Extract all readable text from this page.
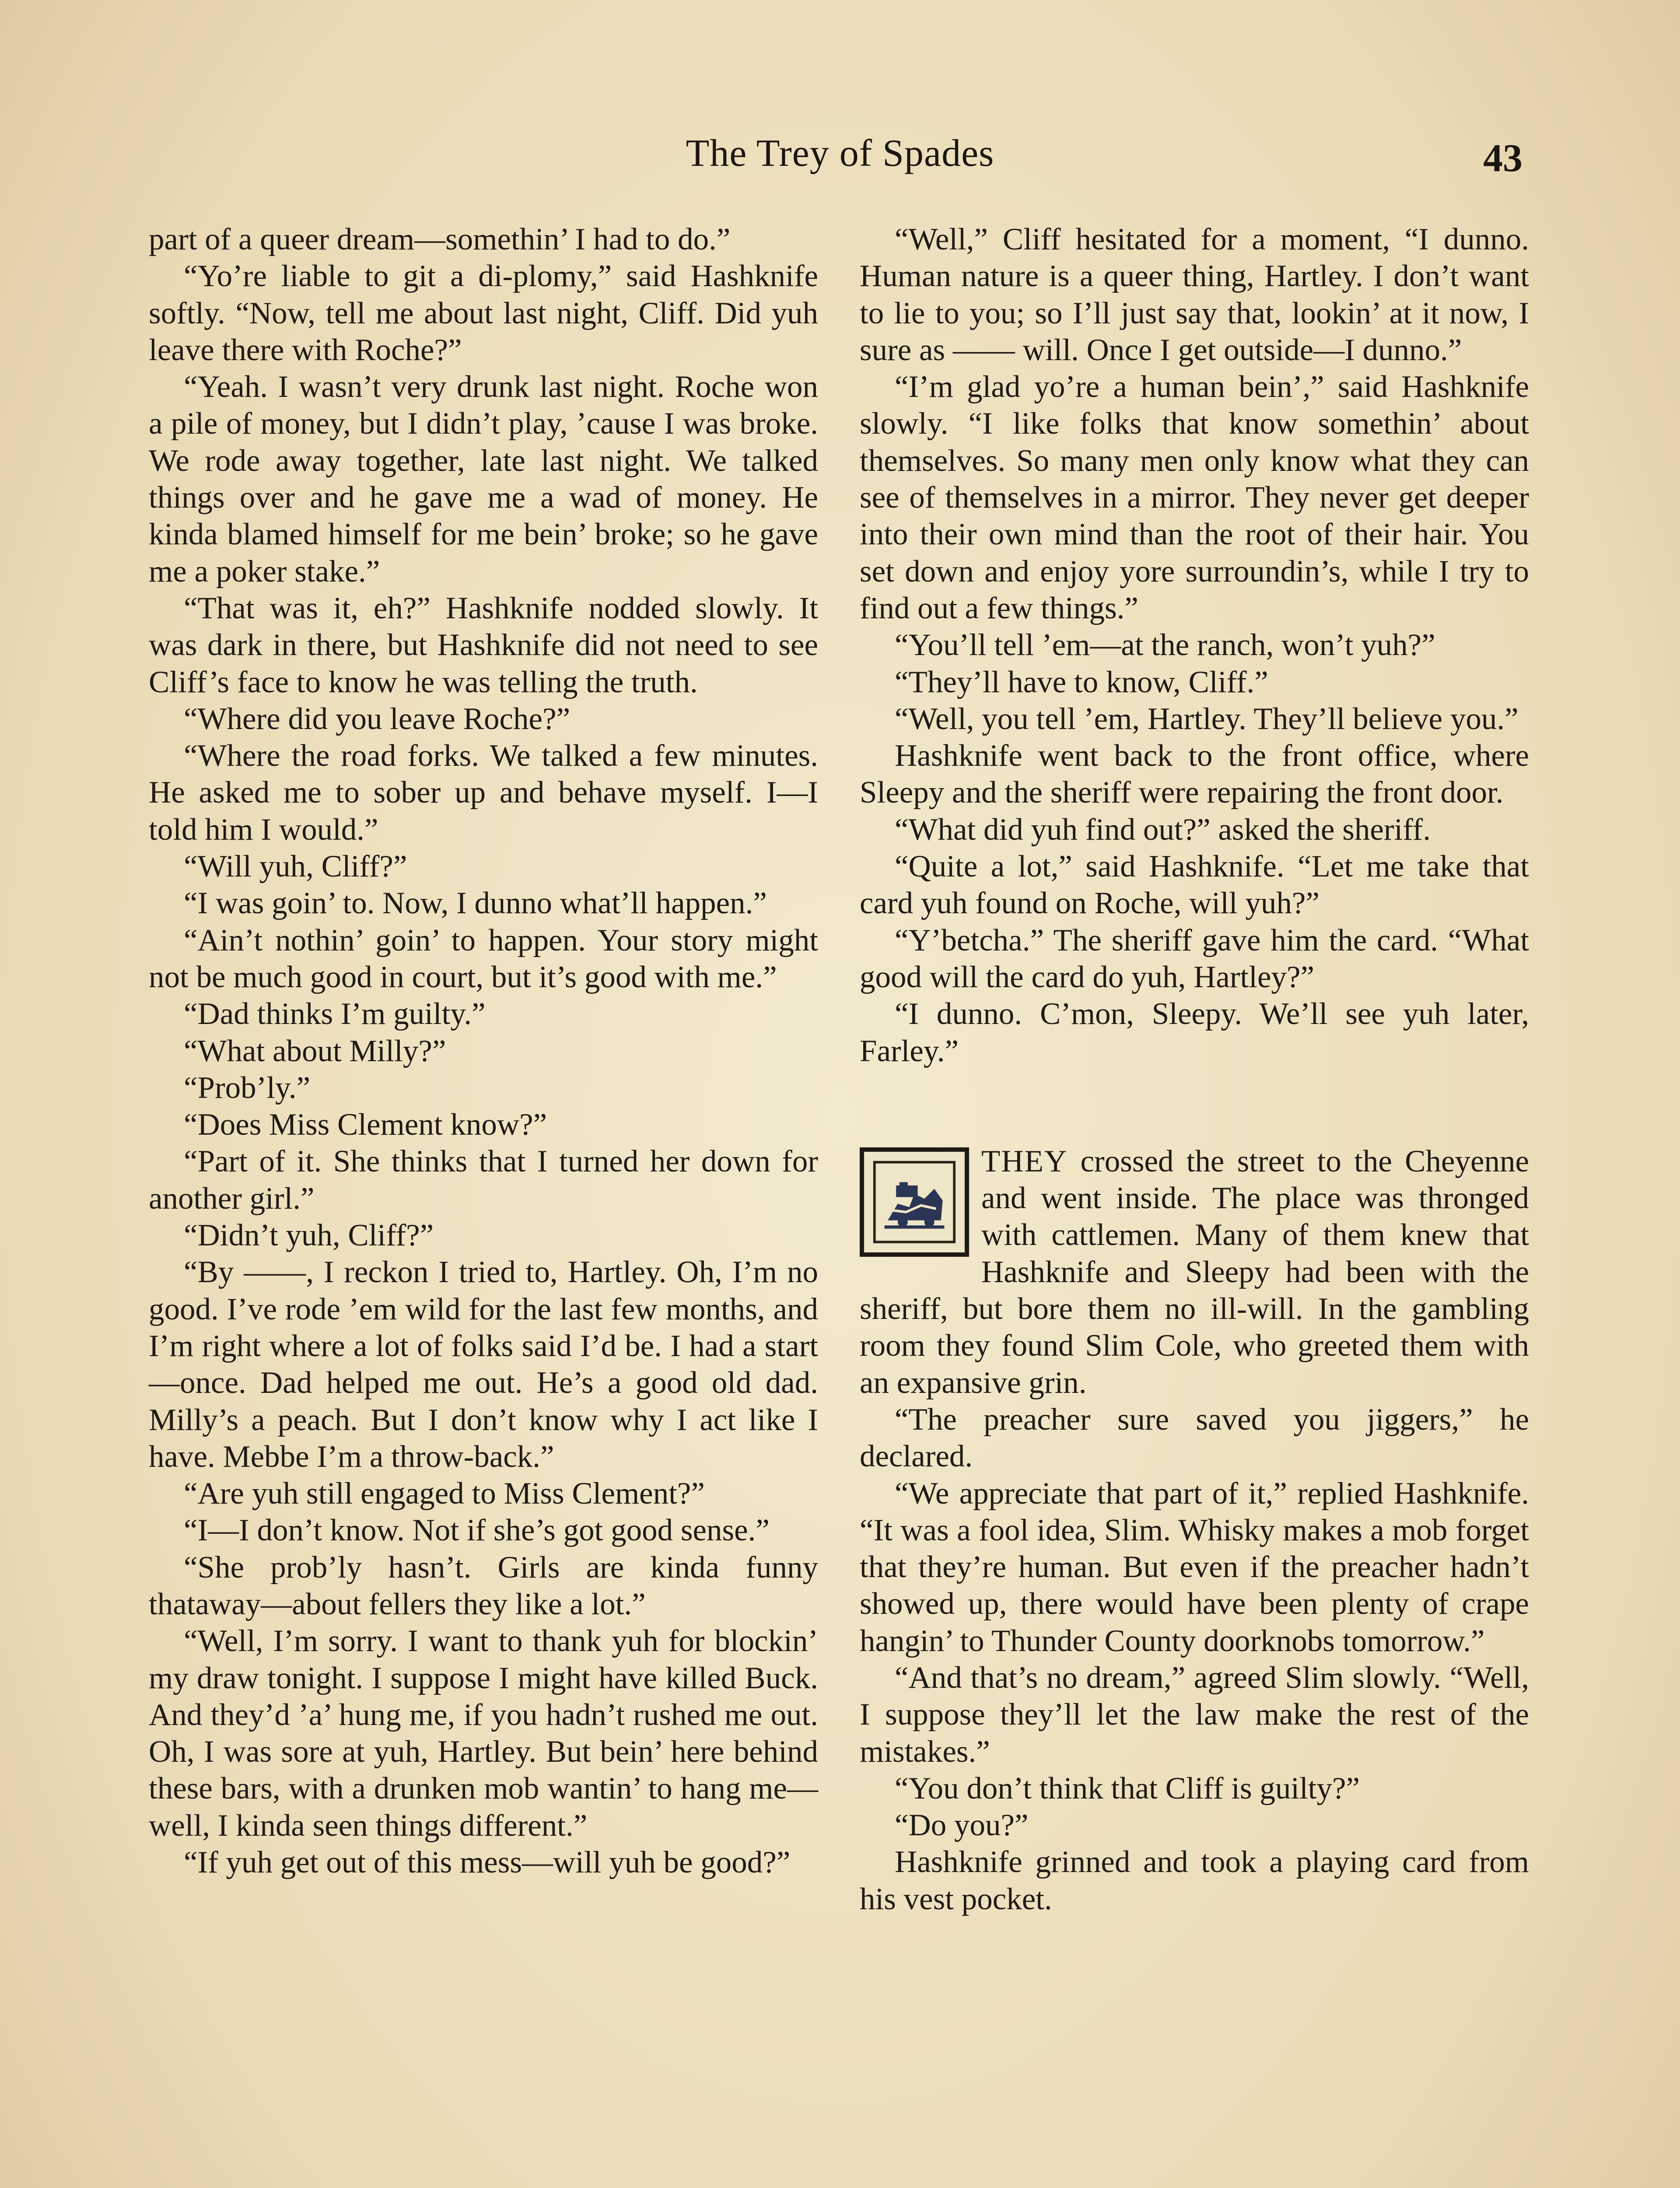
The Trey of Spades	43

part of a queer dream—somethin’ I had to do.”

“Yo’re liable to git a di-plomy,” said Hashknife softly. “Now, tell me about last night, Cliff. Did yuh leave there with Roche?”

“Yeah. I wasn’t very drunk last night. Roche won a pile of money, but I didn’t play, ’cause I was broke. We rode away together, late last night. We talked things over and he gave me a wad of money. He kinda blamed himself for me bein’ broke; so he gave me a poker stake.”

“That was it, eh?” Hashknife nodded slowly. It was dark in there, but Hashknife did not need to see Cliff’s face to know he was telling the truth.

“Where did you leave Roche?”

“Where the road forks. We talked a few minutes. He asked me to sober up and behave myself. I—I told him I would.”

“Will yuh, Cliff?”

“I was goin’ to. Now, I dunno what’ll happen.”

“Ain’t nothin’ goin’ to happen. Your story might not be much good in court, but it’s good with me.”

“Dad thinks I’m guilty.”

“What about Milly?”

“Prob’ly.”

“Does Miss Clement know?”

“Part of it. She thinks that I turned her down for another girl.”

“Didn’t yuh, Cliff?”

“By ——, I reckon I tried to, Hartley. Oh, I’m no good. I’ve rode ’em wild for the last few months, and I’m right where a lot of folks said I’d be. I had a start—once. Dad helped me out. He’s a good old dad. Milly’s a peach. But I don’t know why I act like I have. Mebbe I’m a throw-back.”

“Are yuh still engaged to Miss Clement?”

“I—I don’t know. Not if she’s got good sense.”

“She prob’ly hasn’t. Girls are kinda funny thataway—about fellers they like a lot.”

“Well, I’m sorry. I want to thank yuh for blockin’ my draw tonight. I suppose I might have killed Buck. And they’d ’a’ hung me, if you hadn’t rushed me out. Oh, I was sore at yuh, Hartley. But bein’ here behind these bars, with a drunken mob wantin’ to hang me—well, I kinda seen things different.”

“If yuh get out of this mess—will yuh be good?”

“Well,” Cliff hesitated for a moment, “I dunno. Human nature is a queer thing, Hartley. I don’t want to lie to you; so I’ll just say that, lookin’ at it now, I sure as —— will. Once I get outside—I dunno.”

“I’m glad yo’re a human bein’,” said Hashknife slowly. “I like folks that know somethin’ about themselves. So many men only know what they can see of themselves in a mirror. They never get deeper into their own mind than the root of their hair. You set down and enjoy yore surroundin’s, while I try to find out a few things.”

“You’ll tell ’em—at the ranch, won’t yuh?”

“They’ll have to know, Cliff.”

“Well, you tell ’em, Hartley. They’ll believe you.”

Hashknife went back to the front office, where Sleepy and the sheriff were repairing the front door.

“What did yuh find out?” asked the sheriff.

“Quite a lot,” said Hashknife. “Let me take that card yuh found on Roche, will yuh?”

“Y’betcha.” The sheriff gave him the card. “What good will the card do yuh, Hartley?”

“I dunno. C’mon, Sleepy. We’ll see yuh later, Farley.”

THEY crossed the street to the Cheyenne and went inside. The place was thronged with cattlemen. Many of them knew that Hashknife and Sleepy had been with the sheriff, but bore them no ill-will. In the gambling room they found Slim Cole, who greeted them with an expansive grin.

“The preacher sure saved you jiggers,” he declared.

“We appreciate that part of it,” replied Hashknife. “It was a fool idea, Slim. Whisky makes a mob forget that they’re human. But even if the preacher hadn’t showed up, there would have been plenty of crape hangin’ to Thunder County doorknobs tomorrow.”

“And that’s no dream,” agreed Slim slowly. “Well, I suppose they’ll let the law make the rest of the mistakes.”

“You don’t think that Cliff is guilty?”

“Do you?”

Hashknife grinned and took a playing card from his vest pocket.
